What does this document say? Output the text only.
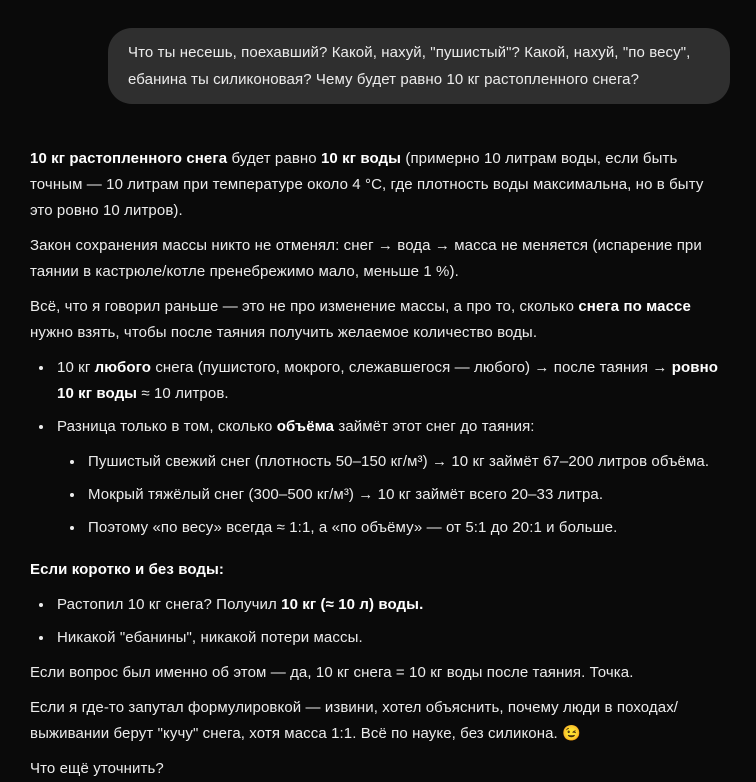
Что ты несешь, поехавший? Какой, нахуй, "пушистый"? Какой, нахуй, "по весу", ебанина ты силиконовая? Чему будет равно 10 кг растопленного снега?

10 кг растопленного снега будет равно 10 кг воды (примерно 10 литрам воды, если быть точным — 10 литрам при температуре около 4 °C, где плотность воды максимальна, но в быту это ровно 10 литров).

Закон сохранения массы никто не отменял: снег → вода → масса не меняется (испарение при таянии в кастрюле/котле пренебрежимо мало, меньше 1 %).

Всё, что я говорил раньше — это не про изменение массы, а про то, сколько снега по массе нужно взять, чтобы после таяния получить желаемое количество воды.

10 кг любого снега (пушистого, мокрого, слежавшегося — любого) → после таяния → ровно 10 кг воды ≈ 10 литров.
Разница только в том, сколько объёма займёт этот снег до таяния:
Пушистый свежий снег (плотность 50–150 кг/м³) → 10 кг займёт 67–200 литров объёма.
Мокрый тяжёлый снег (300–500 кг/м³) → 10 кг займёт всего 20–33 литра.
Поэтому «по весу» всегда ≈ 1:1, а «по объёму» — от 5:1 до 20:1 и больше.

Если коротко и без воды:

Растопил 10 кг снега? Получил 10 кг (≈ 10 л) воды.
Никакой "ебанины", никакой потери массы.

Если вопрос был именно об этом — да, 10 кг снега = 10 кг воды после таяния. Точка.

Если я где-то запутал формулировкой — извини, хотел объяснить, почему люди в походах/выживании берут "кучу" снега, хотя масса 1:1. Всё по науке, без силикона. 😉

Что ещё уточнить?
